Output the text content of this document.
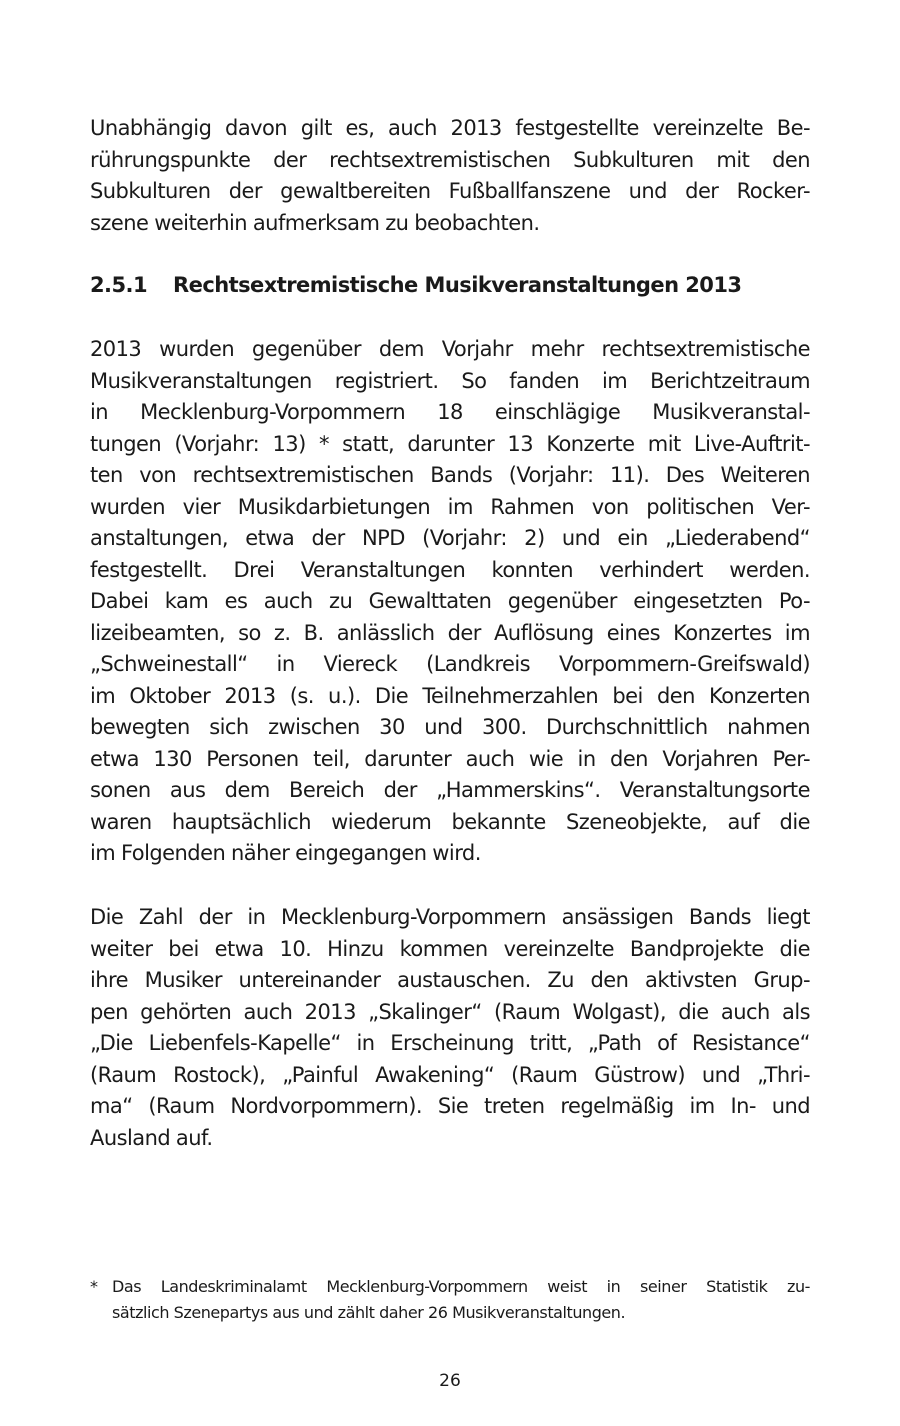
Unabhängig davon gilt es, auch 2013 festgestellte vereinzelte Be-
rührungspunkte der rechtsextremistischen Subkulturen mit den
Subkulturen der gewaltbereiten Fußballfanszene und der Rocker-
szene weiterhin aufmerksam zu beobachten.
2.5.1 Rechtsextremistische Musikveranstaltungen 2013
2013 wurden gegenüber dem Vorjahr mehr rechtsextremistische
Musikveranstaltungen registriert. So fanden im Berichtzeitraum
in Mecklenburg-Vorpommern 18 einschlägige Musikveranstal-
tungen (Vorjahr: 13) * statt, darunter 13 Konzerte mit Live-Auftrit-
ten von rechtsextremistischen Bands (Vorjahr: 11). Des Weiteren
wurden vier Musikdarbietungen im Rahmen von politischen Ver-
anstaltungen, etwa der NPD (Vorjahr: 2) und ein „Liederabend“
festgestellt. Drei Veranstaltungen konnten verhindert werden.
Dabei kam es auch zu Gewalttaten gegenüber eingesetzten Po-
lizeibeamten, so z. B. anlässlich der Auflösung eines Konzertes im
„Schweinestall“ in Viereck (Landkreis Vorpommern-Greifswald)
im Oktober 2013 (s. u.). Die Teilnehmerzahlen bei den Konzerten
bewegten sich zwischen 30 und 300. Durchschnittlich nahmen
etwa 130 Personen teil, darunter auch wie in den Vorjahren Per-
sonen aus dem Bereich der „Hammerskins“. Veranstaltungsorte
waren hauptsächlich wiederum bekannte Szeneobjekte, auf die
im Folgenden näher eingegangen wird.
Die Zahl der in Mecklenburg-Vorpommern ansässigen Bands liegt
weiter bei etwa 10. Hinzu kommen vereinzelte Bandprojekte die
ihre Musiker untereinander austauschen. Zu den aktivsten Grup-
pen gehörten auch 2013 „Skalinger“ (Raum Wolgast), die auch als
„Die Liebenfels-Kapelle“ in Erscheinung tritt, „Path of Resistance“
(Raum Rostock), „Painful Awakening“ (Raum Güstrow) und „Thri-
ma“ (Raum Nordvorpommern). Sie treten regelmäßig im In- und
Ausland auf.
* Das Landeskriminalamt Mecklenburg-Vorpommern weist in seiner Statistik zu-
sätzlich Szenepartys aus und zählt daher 26 Musikveranstaltungen.
26
